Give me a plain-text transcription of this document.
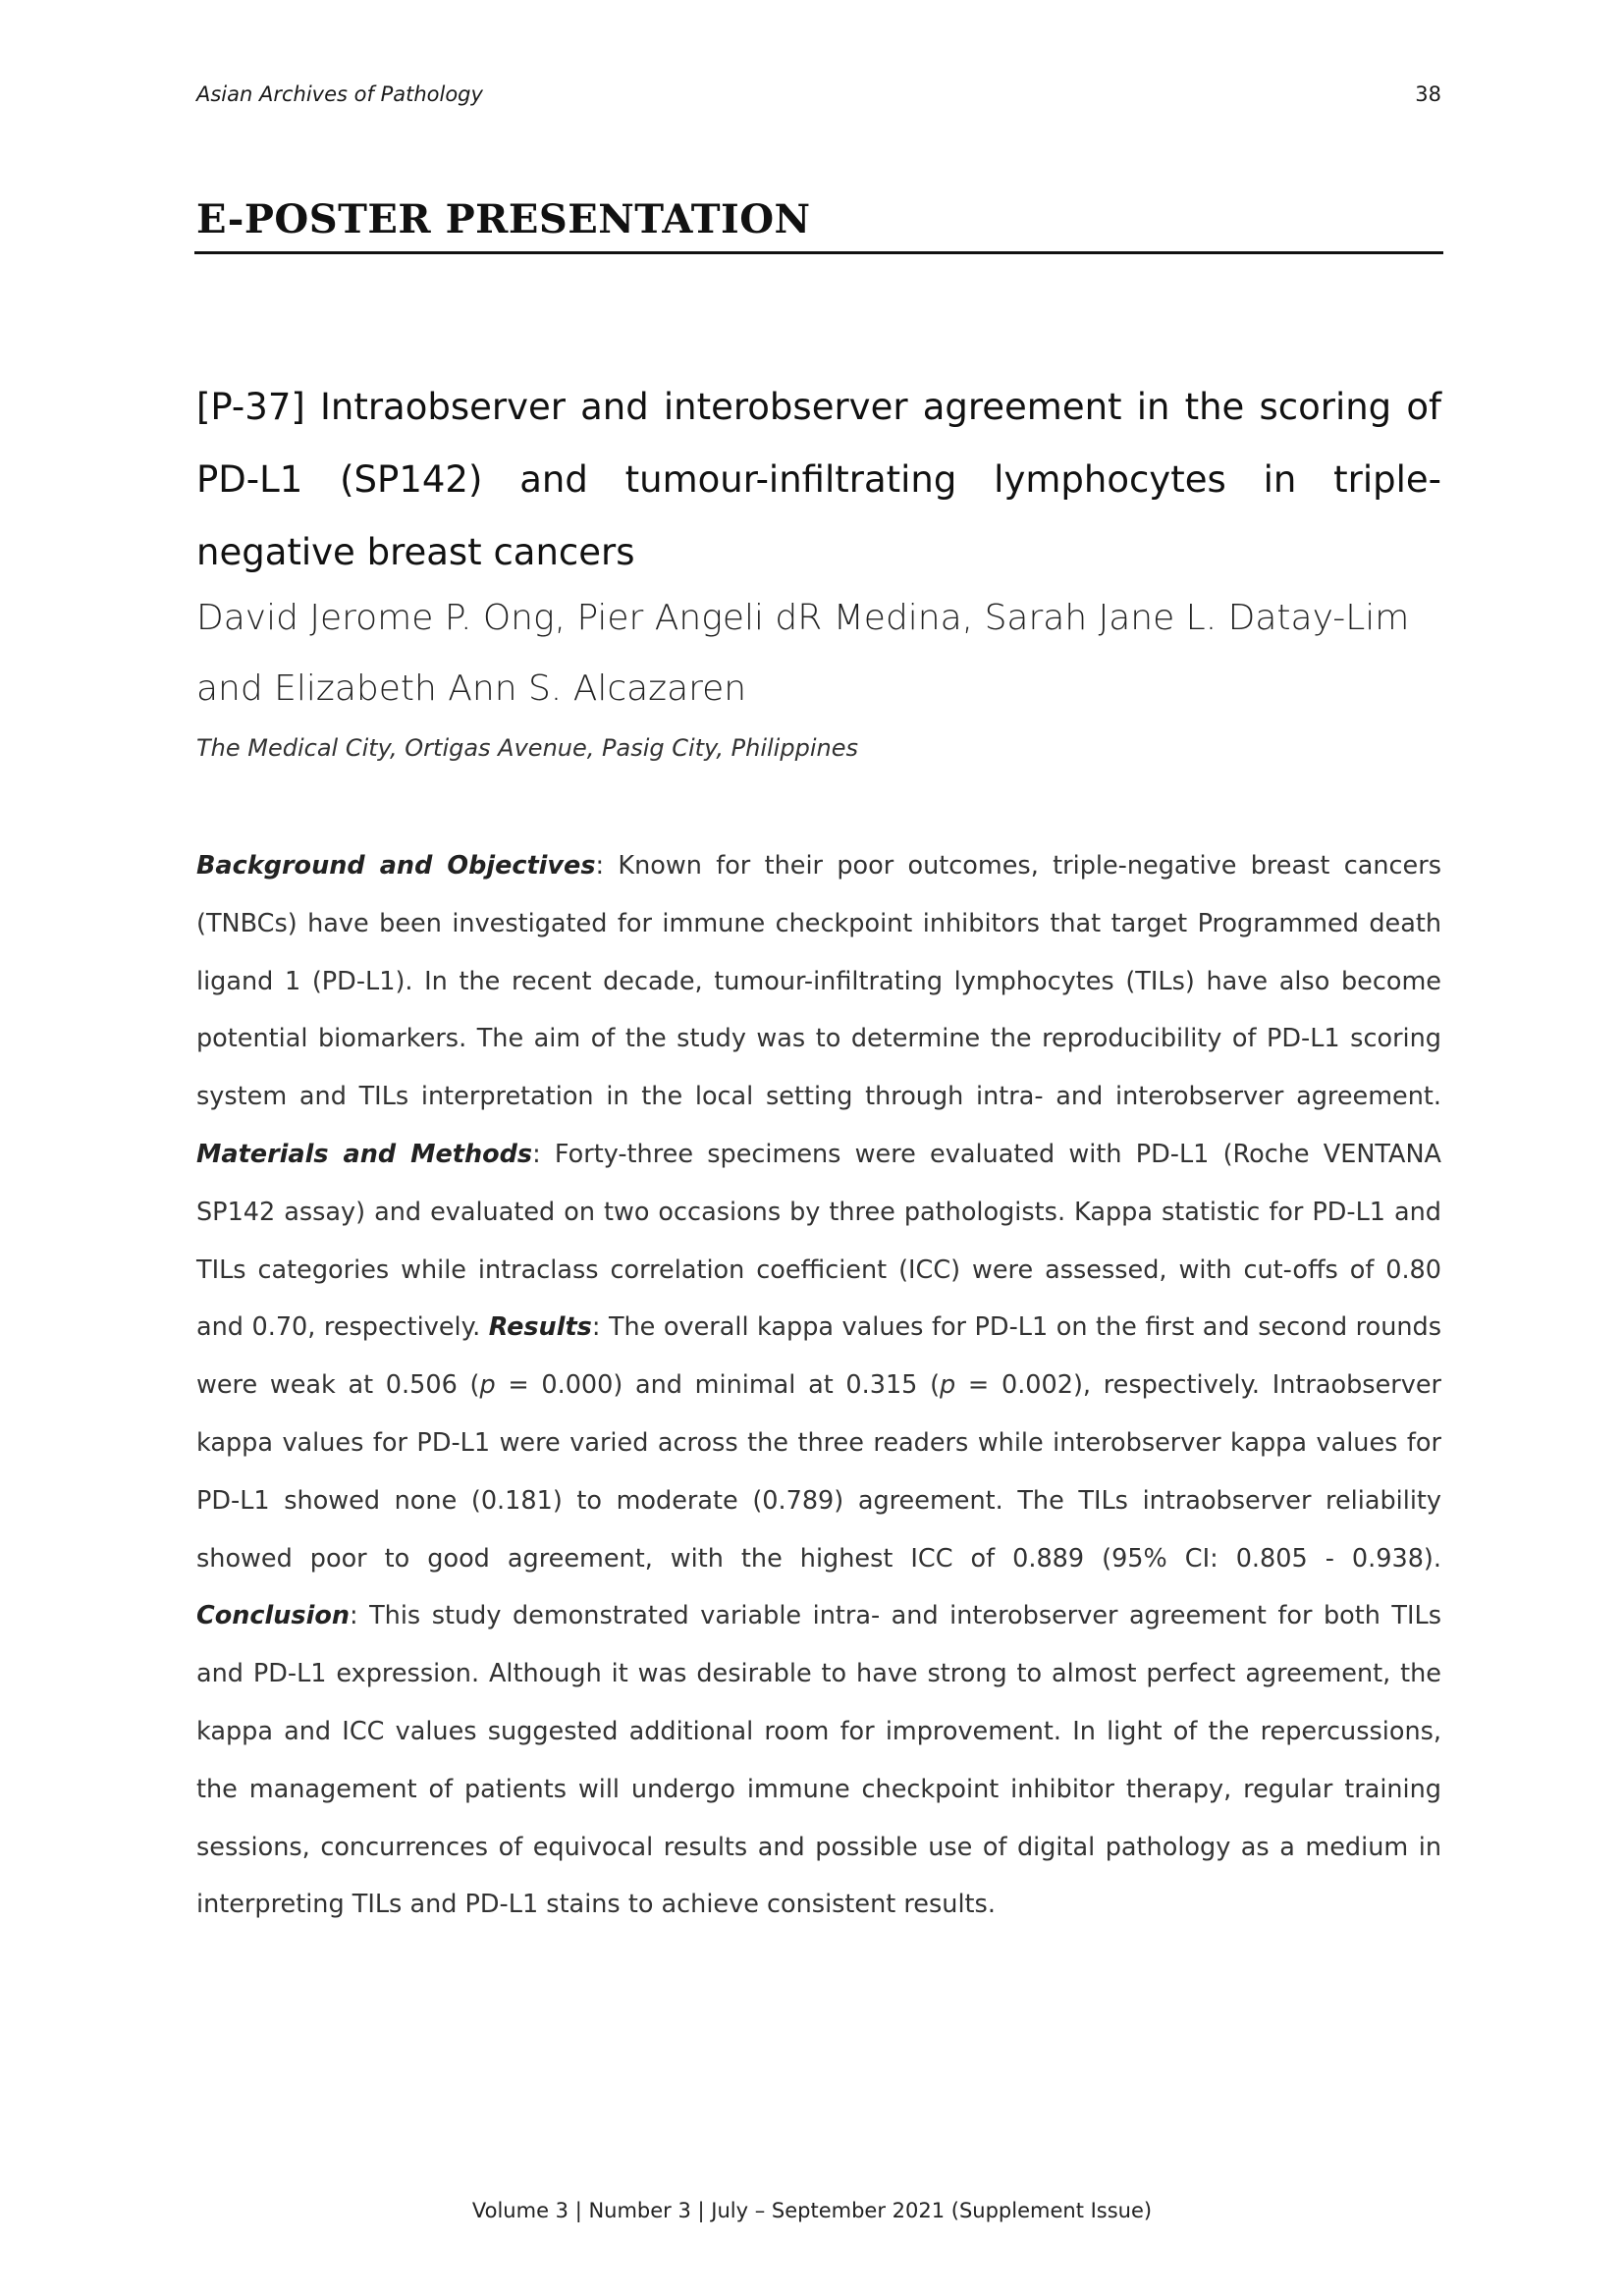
Asian Archives of Pathology	38
E-POSTER PRESENTATION
[P-37] Intraobserver and interobserver agreement in the scoring of PD-L1 (SP142) and tumour-infiltrating lymphocytes in triple-negative breast cancers
David Jerome P. Ong, Pier Angeli dR Medina, Sarah Jane L. Datay-Lim and Elizabeth Ann S. Alcazaren
The Medical City, Ortigas Avenue, Pasig City, Philippines
Background and Objectives: Known for their poor outcomes, triple-negative breast cancers (TNBCs) have been investigated for immune checkpoint inhibitors that target Programmed death ligand 1 (PD-L1). In the recent decade, tumour-infiltrating lymphocytes (TILs) have also become potential biomarkers. The aim of the study was to determine the reproducibility of PD-L1 scoring system and TILs interpretation in the local setting through intra- and interobserver agreement. Materials and Methods: Forty-three specimens were evaluated with PD-L1 (Roche VENTANA SP142 assay) and evaluated on two occasions by three pathologists. Kappa statistic for PD-L1 and TILs categories while intraclass correlation coefficient (ICC) were assessed, with cut-offs of 0.80 and 0.70, respectively. Results: The overall kappa values for PD-L1 on the first and second rounds were weak at 0.506 (p = 0.000) and minimal at 0.315 (p = 0.002), respectively. Intraobserver kappa values for PD-L1 were varied across the three readers while interobserver kappa values for PD-L1 showed none (0.181) to moderate (0.789) agreement. The TILs intraobserver reliability showed poor to good agreement, with the highest ICC of 0.889 (95% CI: 0.805 - 0.938). Conclusion: This study demonstrated variable intra- and interobserver agreement for both TILs and PD-L1 expression. Although it was desirable to have strong to almost perfect agreement, the kappa and ICC values suggested additional room for improvement. In light of the repercussions, the management of patients will undergo immune checkpoint inhibitor therapy, regular training sessions, concurrences of equivocal results and possible use of digital pathology as a medium in interpreting TILs and PD-L1 stains to achieve consistent results.
Volume 3 | Number 3 | July – September 2021 (Supplement Issue)
